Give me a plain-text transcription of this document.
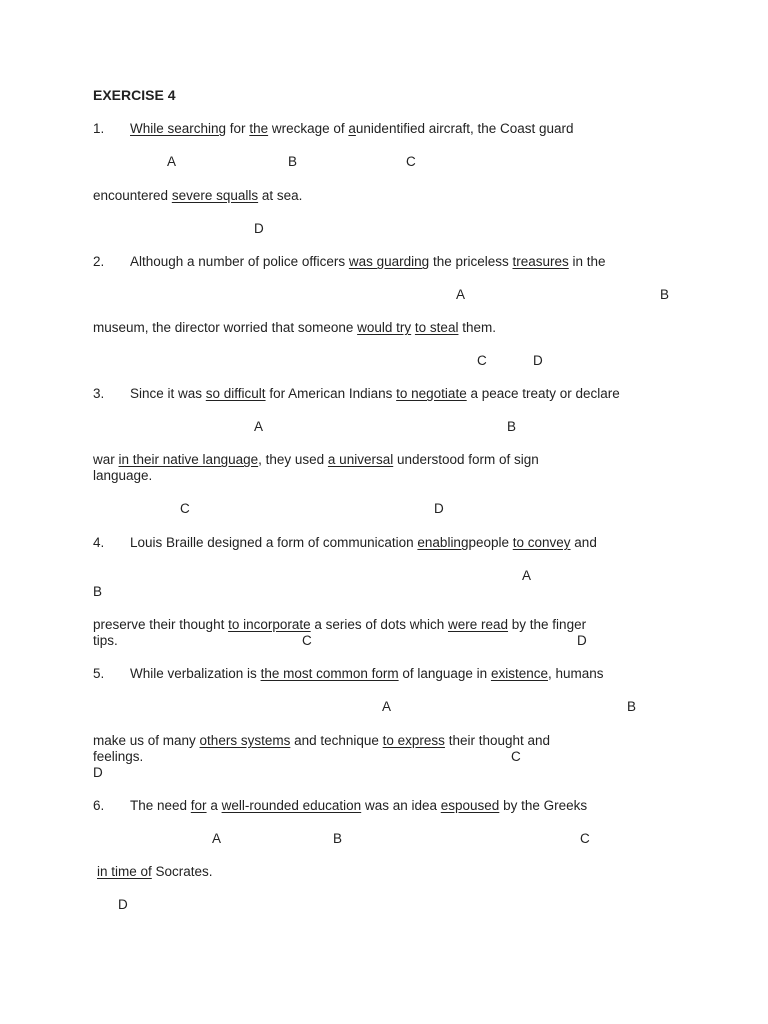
EXERCISE 4
1. While searching for the wreckage of aunidentified aircraft, the Coast guard
A	B	C
encountered severe squalls at sea.
D
2. Although a number of police officers was guarding the priceless treasures in the
A	B
museum, the director worried that someone would try to steal them.
C	D
3. Since it was so difficult for American Indians to negotiate a peace treaty or declare
A	B
war in their native language, they used a universal understood form of sign
language.
C	D
4. Louis Braille designed a form of communication enablingpeople to convey and
A
B
preserve their thought to incorporate a series of dots which were read by the finger
tips.	C	D
5. While verbalization is the most common form of language in existence, humans
A	B
make us of many others systems and technique to express their thought and
feelings.	C
D
6. The need for a well-rounded education was an idea espoused by the Greeks
A	B	C
in time of Socrates.
D
